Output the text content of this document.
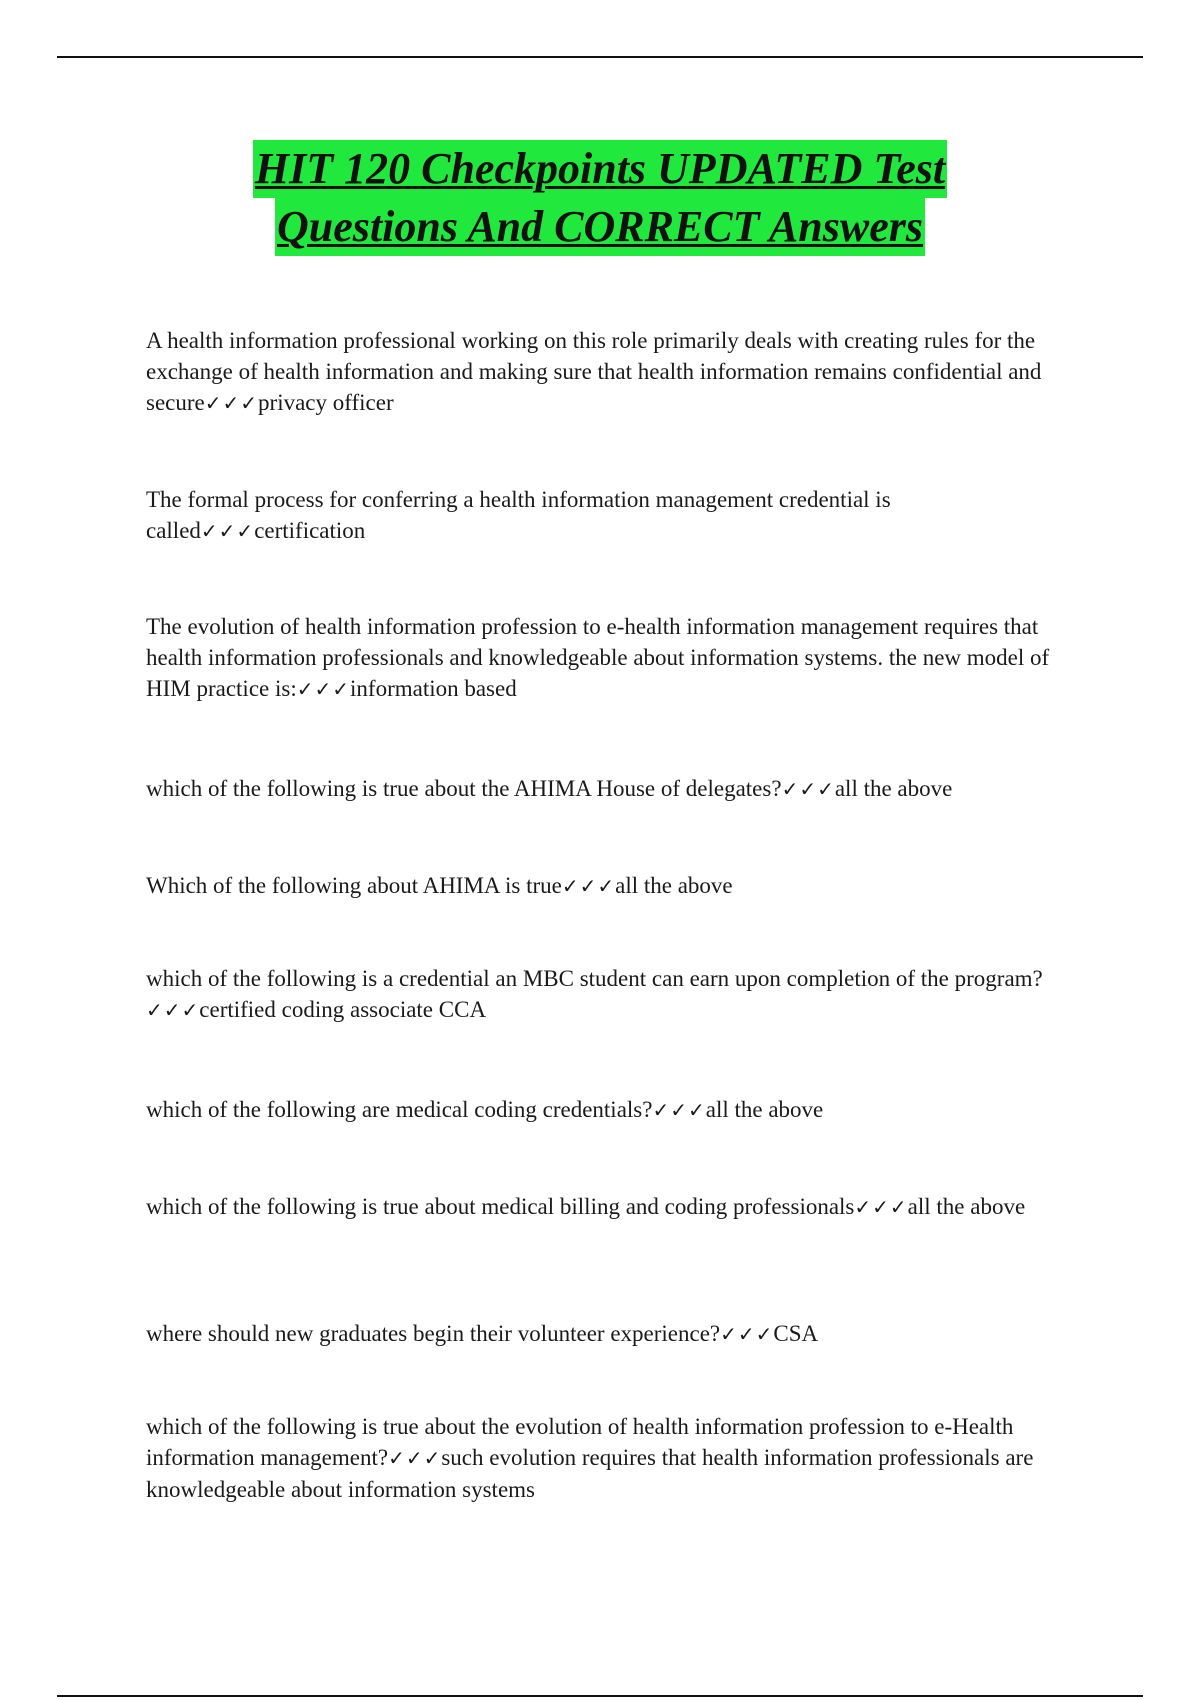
HIT 120 Checkpoints UPDATED Test
Questions And CORRECT Answers

A health information professional working on this role primarily deals with creating rules for the exchange of health information and making sure that health information remains confidential and secure✓✓✓privacy officer

The formal process for conferring a health information management credential is called✓✓✓certification

The evolution of health information profession to e-health information management requires that health information professionals and knowledgeable about information systems. the new model of HIM practice is:✓✓✓information based

which of the following is true about the AHIMA House of delegates?✓✓✓all the above

Which of the following about AHIMA is true✓✓✓all the above

which of the following is a credential an MBC student can earn upon completion of the program?✓✓✓certified coding associate CCA

which of the following are medical coding credentials?✓✓✓all the above

which of the following is true about medical billing and coding professionals✓✓✓all the above

where should new graduates begin their volunteer experience?✓✓✓CSA

which of the following is true about the evolution of health information profession to e-Health information management?✓✓✓such evolution requires that health information professionals are knowledgeable about information systems
